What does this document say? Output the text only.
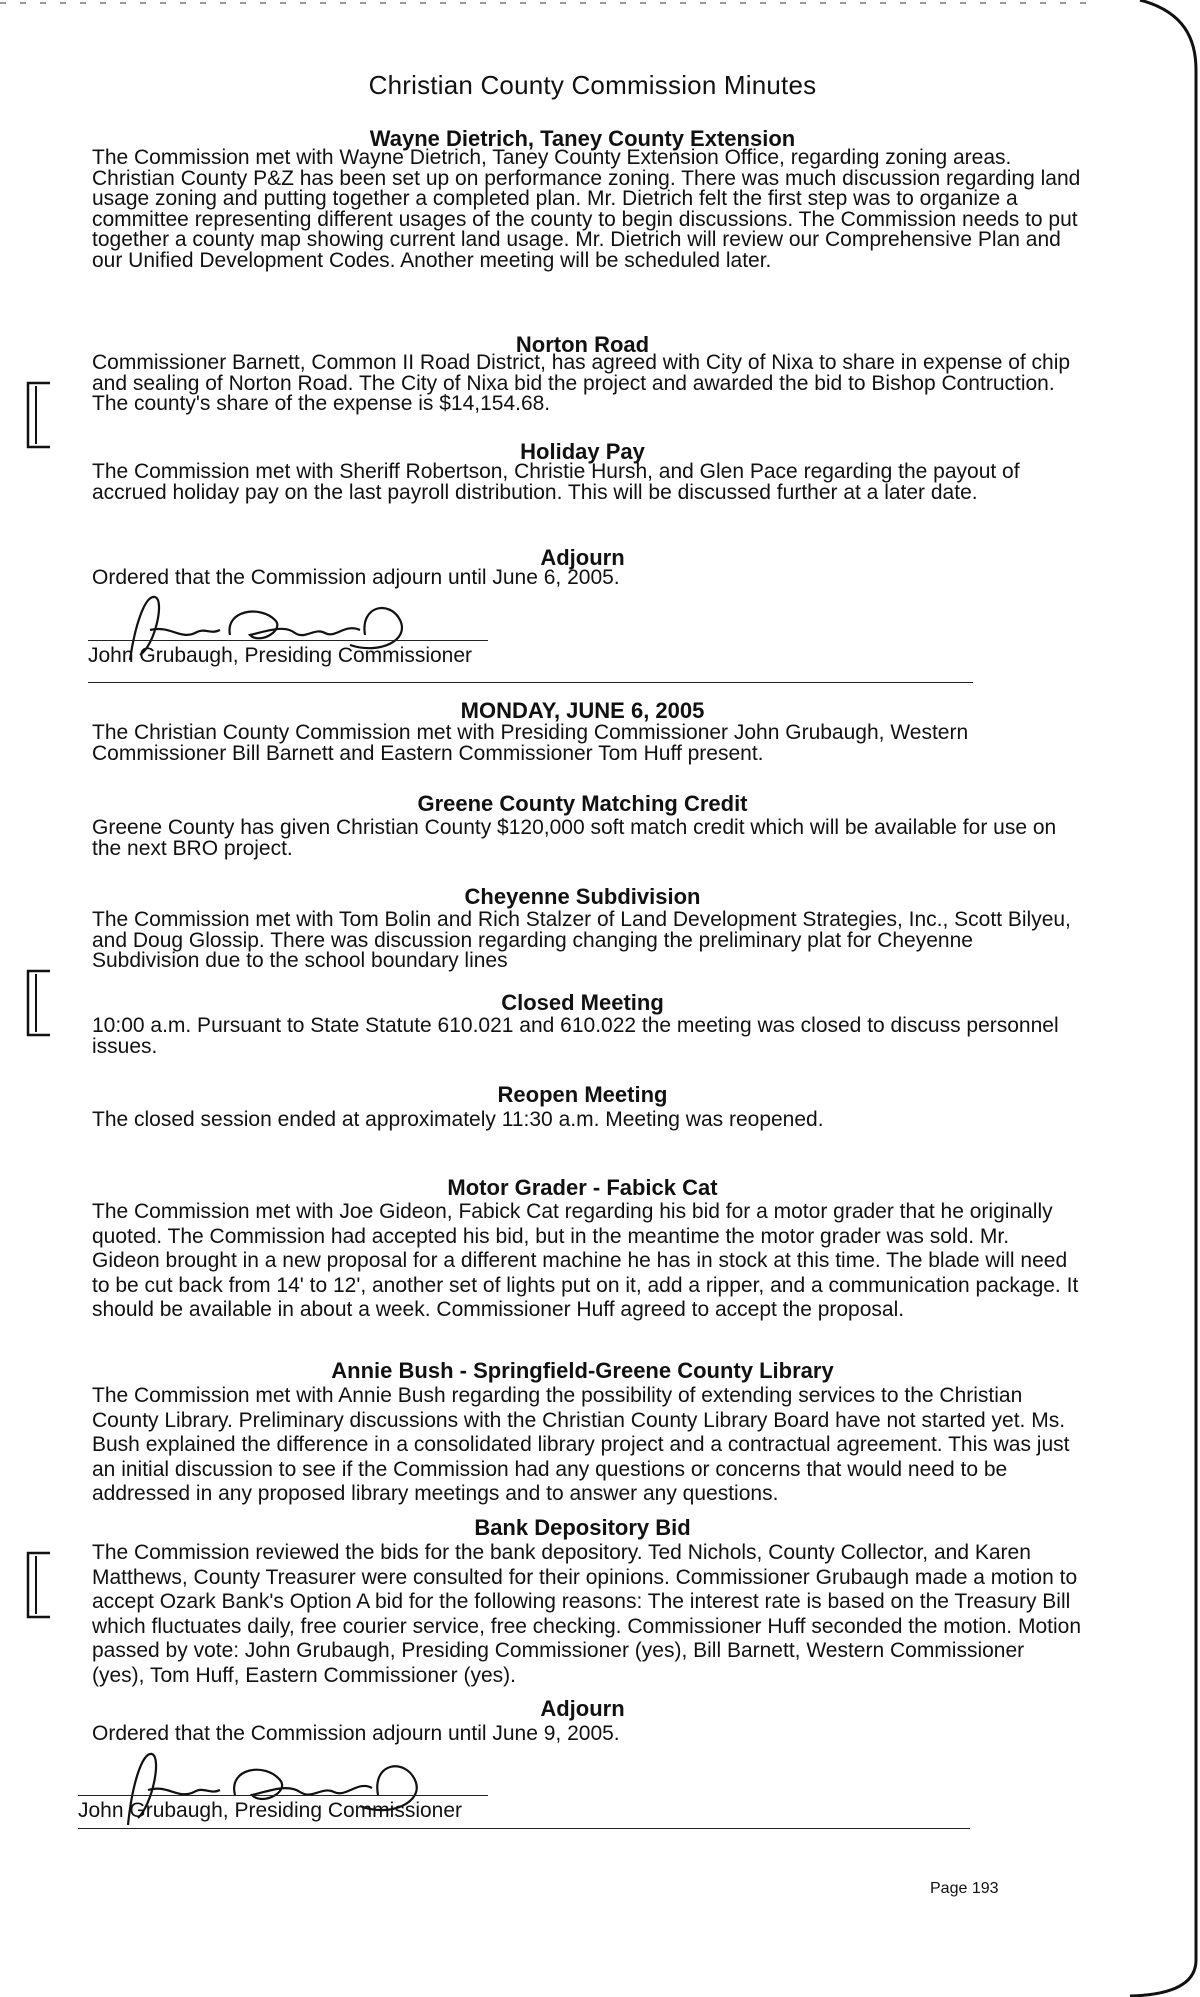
Christian County Commission Minutes
Wayne Dietrich, Taney County Extension
The Commission met with Wayne Dietrich, Taney County Extension Office, regarding zoning areas. Christian County P&Z has been set up on performance zoning. There was much discussion regarding land usage zoning and putting together a completed plan. Mr. Dietrich felt the first step was to organize a committee representing different usages of the county to begin discussions. The Commission needs to put together a county map showing current land usage. Mr. Dietrich will review our Comprehensive Plan and our Unified Development Codes. Another meeting will be scheduled later.
Norton Road
Commissioner Barnett, Common II Road District, has agreed with City of Nixa to share in expense of chip and sealing of Norton Road. The City of Nixa bid the project and awarded the bid to Bishop Contruction. The county's share of the expense is $14,154.68.
Holiday Pay
The Commission met with Sheriff Robertson, Christie Hursh, and Glen Pace regarding the payout of accrued holiday pay on the last payroll distribution. This will be discussed further at a later date.
Adjourn
Ordered that the Commission adjourn until June 6, 2005.
John Grubaugh, Presiding Commissioner
MONDAY, JUNE 6, 2005
The Christian County Commission met with Presiding Commissioner John Grubaugh, Western Commissioner Bill Barnett and Eastern Commissioner Tom Huff present.
Greene County Matching Credit
Greene County has given Christian County $120,000 soft match credit which will be available for use on the next BRO project.
Cheyenne Subdivision
The Commission met with Tom Bolin and Rich Stalzer of Land Development Strategies, Inc., Scott Bilyeu, and Doug Glossip. There was discussion regarding changing the preliminary plat for Cheyenne Subdivision due to the school boundary lines
Closed Meeting
10:00 a.m. Pursuant to State Statute 610.021 and 610.022 the meeting was closed to discuss personnel issues.
Reopen Meeting
The closed session ended at approximately 11:30 a.m. Meeting was reopened.
Motor Grader - Fabick Cat
The Commission met with Joe Gideon, Fabick Cat regarding his bid for a motor grader that he originally quoted. The Commission had accepted his bid, but in the meantime the motor grader was sold. Mr. Gideon brought in a new proposal for a different machine he has in stock at this time. The blade will need to be cut back from 14' to 12', another set of lights put on it, add a ripper, and a communication package. It should be available in about a week. Commissioner Huff agreed to accept the proposal.
Annie Bush - Springfield-Greene County Library
The Commission met with Annie Bush regarding the possibility of extending services to the Christian County Library. Preliminary discussions with the Christian County Library Board have not started yet. Ms. Bush explained the difference in a consolidated library project and a contractual agreement. This was just an initial discussion to see if the Commission had any questions or concerns that would need to be addressed in any proposed library meetings and to answer any questions.
Bank Depository Bid
The Commission reviewed the bids for the bank depository. Ted Nichols, County Collector, and Karen Matthews, County Treasurer were consulted for their opinions. Commissioner Grubaugh made a motion to accept Ozark Bank's Option A bid for the following reasons: The interest rate is based on the Treasury Bill which fluctuates daily, free courier service, free checking. Commissioner Huff seconded the motion. Motion passed by vote: John Grubaugh, Presiding Commissioner (yes), Bill Barnett, Western Commissioner (yes), Tom Huff, Eastern Commissioner (yes).
Adjourn
Ordered that the Commission adjourn until June 9, 2005.
John Grubaugh, Presiding Commissioner
Page 193
